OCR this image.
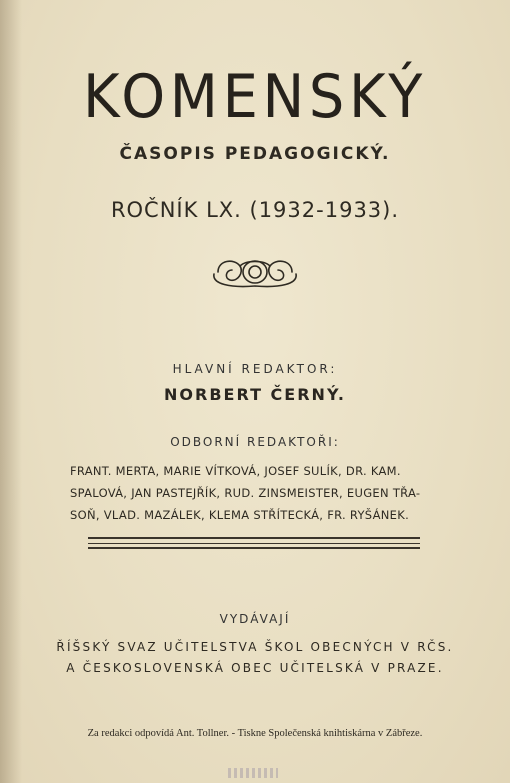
KOMENSKÝ
ČASOPIS PEDAGOGICKÝ.
ROČNÍK LX. (1932-1933).
HLAVNÍ REDAKTOR:
NORBERT ČERNÝ.
ODBORNÍ REDAKTOŘI:
FRANT. MERTA, MARIE VÍTKOVÁ, JOSEF SULÍK, DR. KAM.
SPALOVÁ, JAN PASTEJŘÍK, RUD. ZINSMEISTER, EUGEN TŘA-
SOŇ, VLAD. MAZÁLEK, KLEMA STŘÍTECKÁ, FR. RYŠÁNEK.
VYDÁVAJÍ
ŘÍŠSKÝ SVAZ UČITELSTVA ŠKOL OBECNÝCH V RČS.
A ČESKOSLOVENSKÁ OBEC UČITELSKÁ V PRAZE.
Za redakci odpovídá Ant. Tollner. - Tiskne Společenská knihtiskárna v Zábřeze.
